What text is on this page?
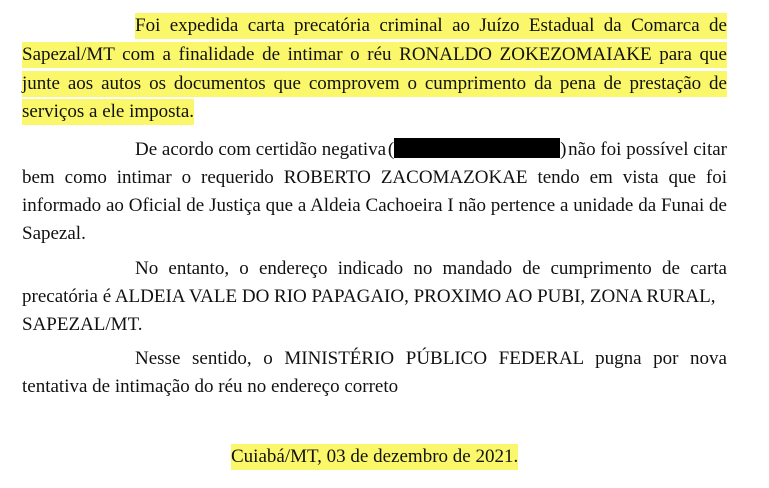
Foi expedida carta precatória criminal ao Juízo Estadual da Comarca de
Sapezal/MT com a finalidade de intimar o réu RONALDO ZOKEZOMAIAKE para que
junte aos autos os documentos que comprovem o cumprimento da pena de prestação de
serviços a ele imposta.
De acordo com certidão negativa (	) não foi possível citar
bem como intimar o requerido ROBERTO ZACOMAZOKAE tendo em vista que foi
informado ao Oficial de Justiça que a Aldeia Cachoeira I não pertence a unidade da Funai de
Sapezal.
No entanto, o endereço indicado no mandado de cumprimento de carta
precatória é ALDEIA VALE DO RIO PAPAGAIO, PROXIMO AO PUBI, ZONA RURAL,
SAPEZAL/MT.
Nesse sentido, o MINISTÉRIO PÚBLICO FEDERAL pugna por nova
tentativa de intimação do réu no endereço correto
Cuiabá/MT, 03 de dezembro de 2021.
